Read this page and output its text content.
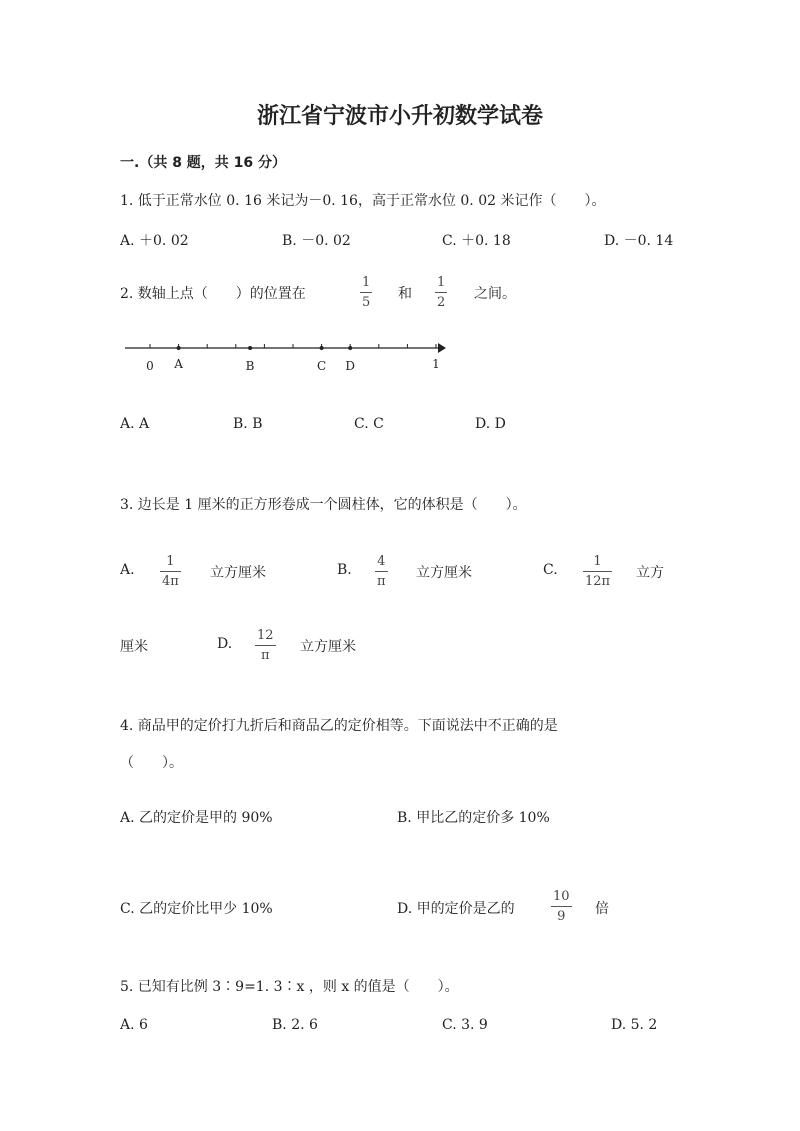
浙江省宁波市小升初数学试卷
一.（共 8 题，共 16 分）
1. 低于正常水位 0. 16 米记为－0. 16，高于正常水位 0. 02 米记作（　　）。
A. ＋0. 02	B. －0. 02	C. ＋0. 18	D. －0. 14
2. 数轴上点（　　）的位置在
1
5
和
1
2
之间。
0	1
A	B	C D
A. A	B. B	C. C	D. D
3. 边长是 1 厘米的正方形卷成一个圆柱体，它的体积是（　　）。
A.
1
4π
立方厘米	B.
4
π
立方厘米	C.
1
12π
立方
厘米	D.
12
π
立方厘米
4. 商品甲的定价打九折后和商品乙的定价相等。下面说法中不正确的是
（　　）。
A. 乙的定价是甲的 90%	B. 甲比乙的定价多 10%
C. 乙的定价比甲少 10%	D. 甲的定价是乙的
10
9 倍
5. 已知有比例 3∶9=1. 3∶x ，则 x 的值是（　　）。
A. 6	B. 2. 6	C. 3. 9	D. 5. 2
